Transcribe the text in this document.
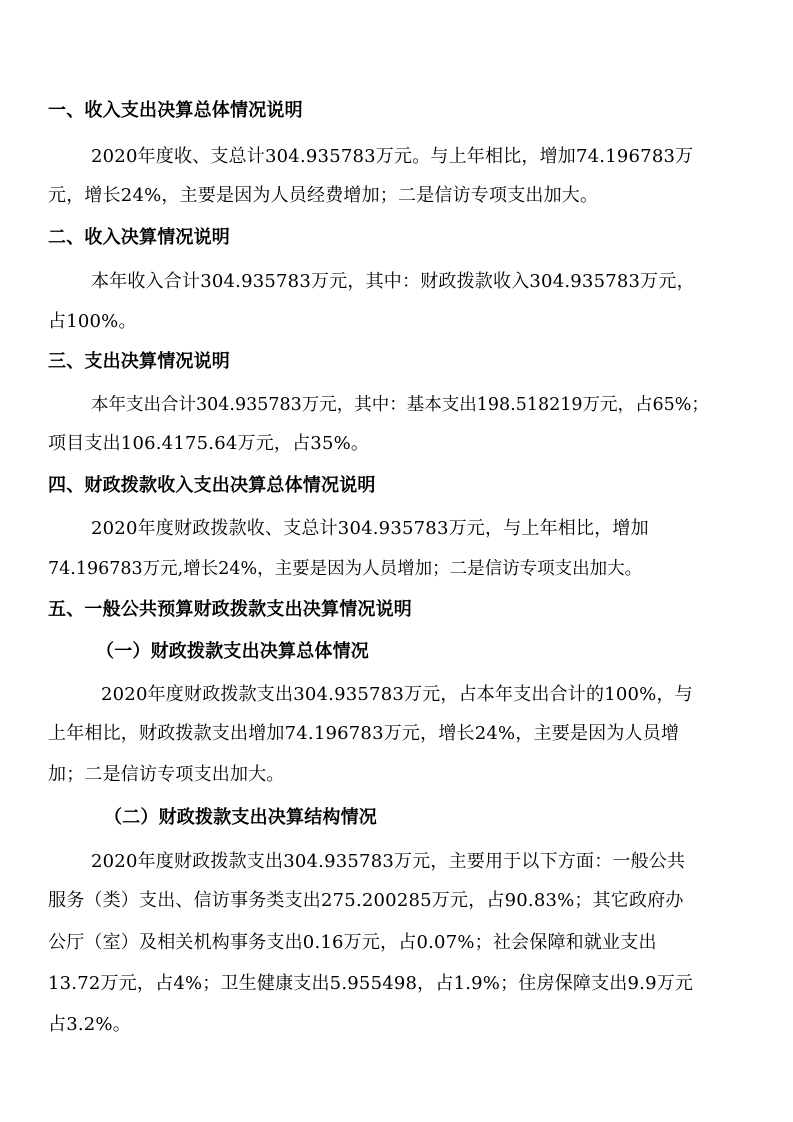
一、收入支出决算总体情况说明
2020年度收、支总计304.935783万元。与上年相比，增加74.196783万
元，增长24%，主要是因为人员经费增加；二是信访专项支出加大。
二、收入决算情况说明
本年收入合计304.935783万元，其中：财政拨款收入304.935783万元，
占100%。
三、支出决算情况说明
本年支出合计304.935783万元，其中：基本支出198.518219万元，占65%；
项目支出106.4175.64万元，占35%。
四、财政拨款收入支出决算总体情况说明
2020年度财政拨款收、支总计304.935783万元，与上年相比，增加
74.196783万元,增长24%，主要是因为人员增加；二是信访专项支出加大。
五、一般公共预算财政拨款支出决算情况说明
（一）财政拨款支出决算总体情况
2020年度财政拨款支出304.935783万元，占本年支出合计的100%，与
上年相比，财政拨款支出增加74.196783万元，增长24%，主要是因为人员增
加；二是信访专项支出加大。
（二）财政拨款支出决算结构情况
2020年度财政拨款支出304.935783万元，主要用于以下方面：一般公共
服务（类）支出、信访事务类支出275.200285万元，占90.83%；其它政府办
公厅（室）及相关机构事务支出0.16万元，占0.07%；社会保障和就业支出
13.72万元，占4%；卫生健康支出5.955498，占1.9%；住房保障支出9.9万元
占3.2%。
